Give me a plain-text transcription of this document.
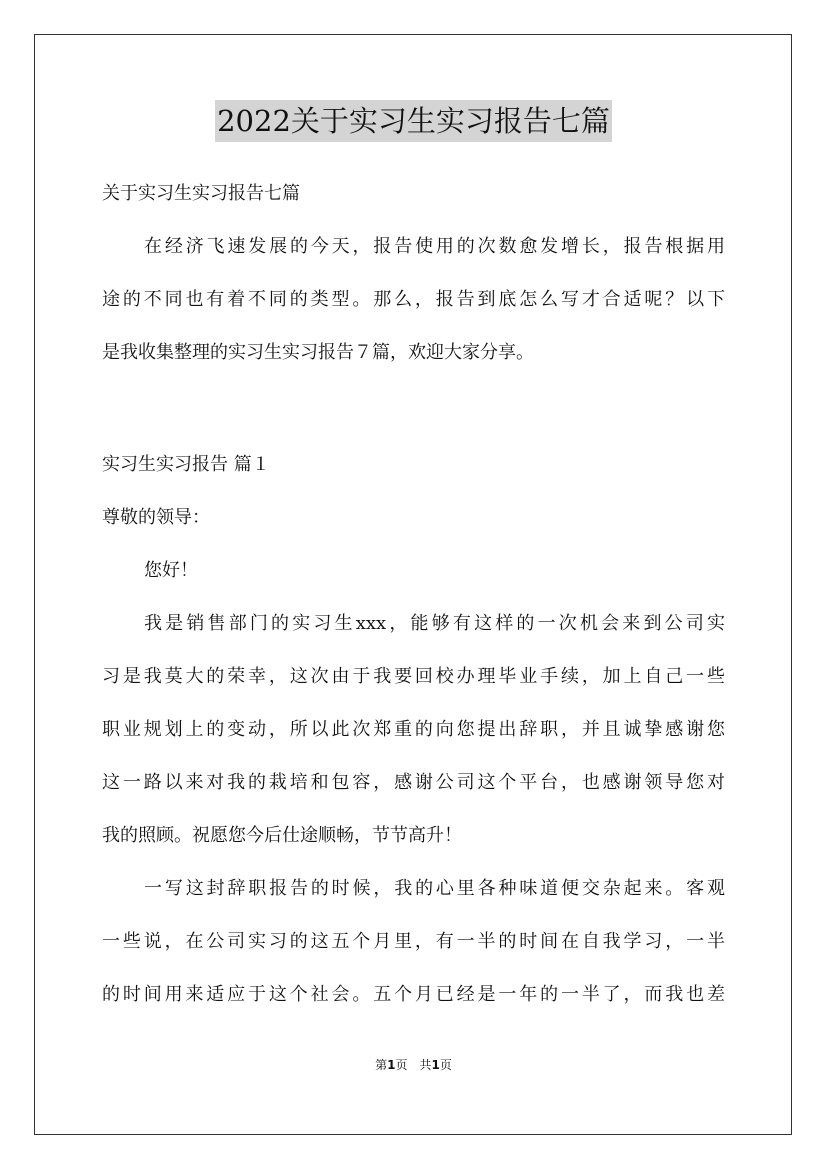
2022关于实习生实习报告七篇
关于实习生实习报告七篇
在经济飞速发展的今天，报告使用的次数愈发增长，报告根据用
途的不同也有着不同的类型。那么，报告到底怎么写才合适呢？以下
是我收集整理的实习生实习报告７篇，欢迎大家分享。
实习生实习报告 篇１
尊敬的领导：
您好！
我是销售部门的实习生xxx，能够有这样的一次机会来到公司实
习是我莫大的荣幸，这次由于我要回校办理毕业手续，加上自己一些
职业规划上的变动，所以此次郑重的向您提出辞职，并且诚挚感谢您
这一路以来对我的栽培和包容，感谢公司这个平台，也感谢领导您对
我的照顾。祝愿您今后仕途顺畅，节节高升！
一写这封辞职报告的时候，我的心里各种味道便交杂起来。客观
一些说，在公司实习的这五个月里，有一半的时间在自我学习，一半
的时间用来适应于这个社会。五个月已经是一年的一半了，而我也差
第1页　共1页
